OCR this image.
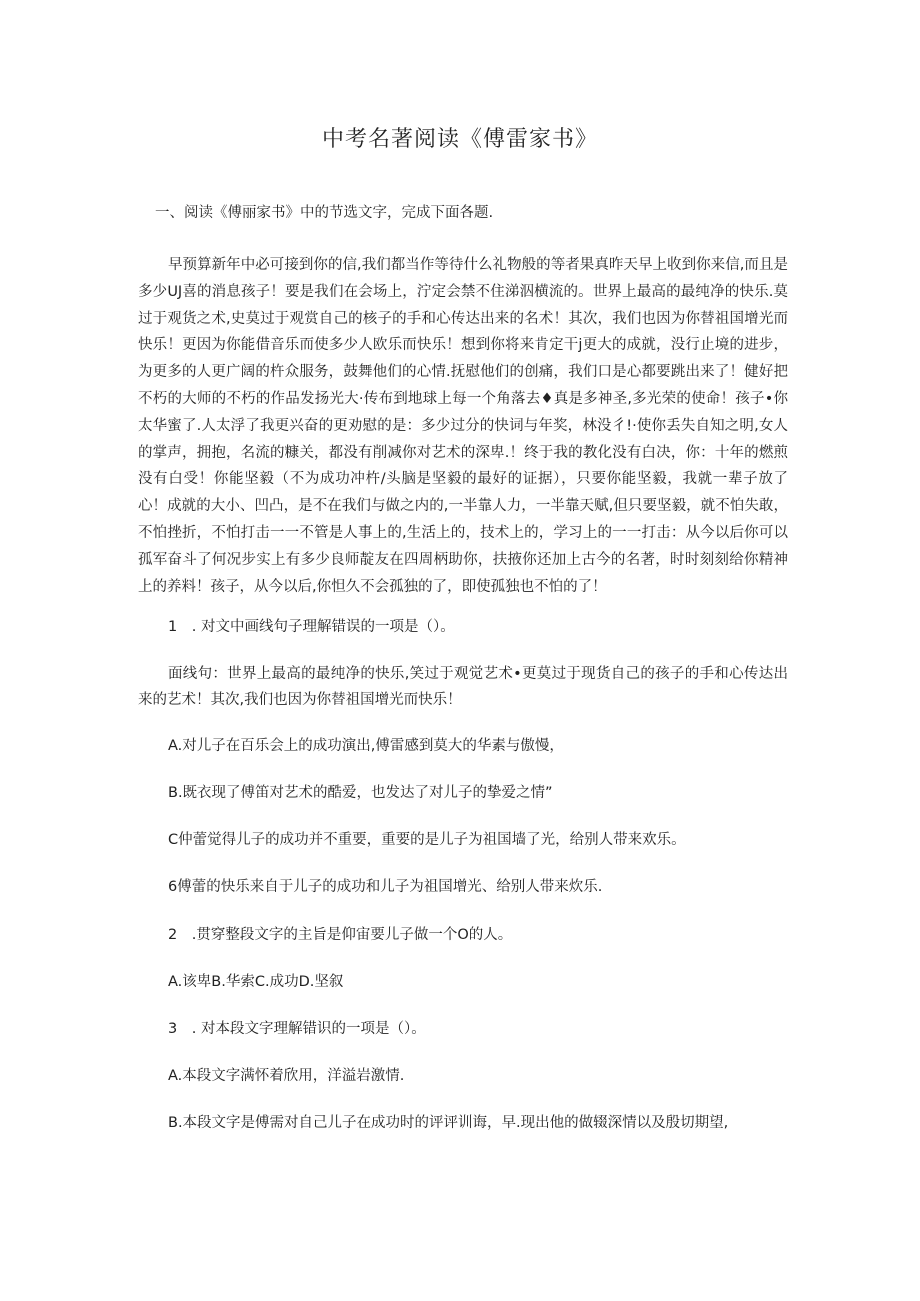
中考名著阅读《傅雷家书》
一、阅读《傅丽家书》中的节选文字，完成下面各题.

早预算新年中必可接到你的信,我们都当作等待什么礼物般的等者果真昨天早上收到你来信,而且是多少UJ喜的消息孩子！要是我们在会场上，泞定会禁不住涕泅横流的。世界上最高的最纯净的快乐.莫过于观货之术,史莫过于观赏自己的核子的手和心传达出来的名术！其次，我们也因为你替祖国增光而快乐！更因为你能借音乐而使多少人欧乐而快乐！想到你将来肯定干j更大的成就，没行止境的进步，为更多的人更广阔的杵众服务，鼓舞他们的心情.抚慰他们的创痛，我们口是心都要跳出来了！健好把不朽的大师的不朽的作品发扬光大·传布到地球上每一个角落去♦真是多神圣,多光荣的使命！孩子•你太华蜜了.人太浮了我更兴奋的更劝慰的是：多少过分的快词与年奖，林没彳!·使你丢失自知之明,女人的掌声，拥抱，名流的糠关，都没有削减你对艺术的深卑.！终于我的教化没有白决，你：十年的燃煎没有白受！你能坚毅（不为成功冲杵/头脑是坚毅的最好的证据），只要你能坚毅，我就一辈子放了心！成就的大小、凹凸，是不在我们与做之内的,一半靠人力，一半靠天赋,但只要坚毅，就不怕失敢，不怕挫折，不怕打击一一不管是人事上的,生活上的，技术上的，学习上的一一打击：从今以后你可以孤军奋斗了何况步实上有多少良师靛友在四周柄助你，扶掖你还加上古今的名著，时时刻刻给你精神上的养料！孩子，从今以后,你怛久不会孤独的了，即使孤独也不怕的了！

1　. 对文中画线句子理解错误的一项是（）。

面线句：世界上最高的最纯净的快乐,笑过于观觉艺术•更莫过于现货自己的孩子的手和心传达出来的艺术！其次,我们也因为你替祖国增光而快乐！

A.对儿子在百乐会上的成功演出,傅雷感到莫大的华素与傲慢，
B.既衣现了傅笛对艺术的酷爱，也发达了对儿子的挚爱之情”
C仲蕾觉得儿子的成功并不重要，重要的是儿子为祖国墙了光，给别人带来欢乐。
6傅蕾的快乐来自于儿子的成功和儿子为祖国增光、给别人带来炊乐.
2　.贯穿整段文字的主旨是仰宙要儿子做一个O的人。
A.该卑B.华索C.成功D.坚叙
3　. 对本段文字理解错识的一项是（）。
A.本段文字满怀着欣用，洋溢岩激情.
B.本段文字是傅需对自己儿子在成功时的评评训诲，早.现出他的做辍深情以及殷切期望,
